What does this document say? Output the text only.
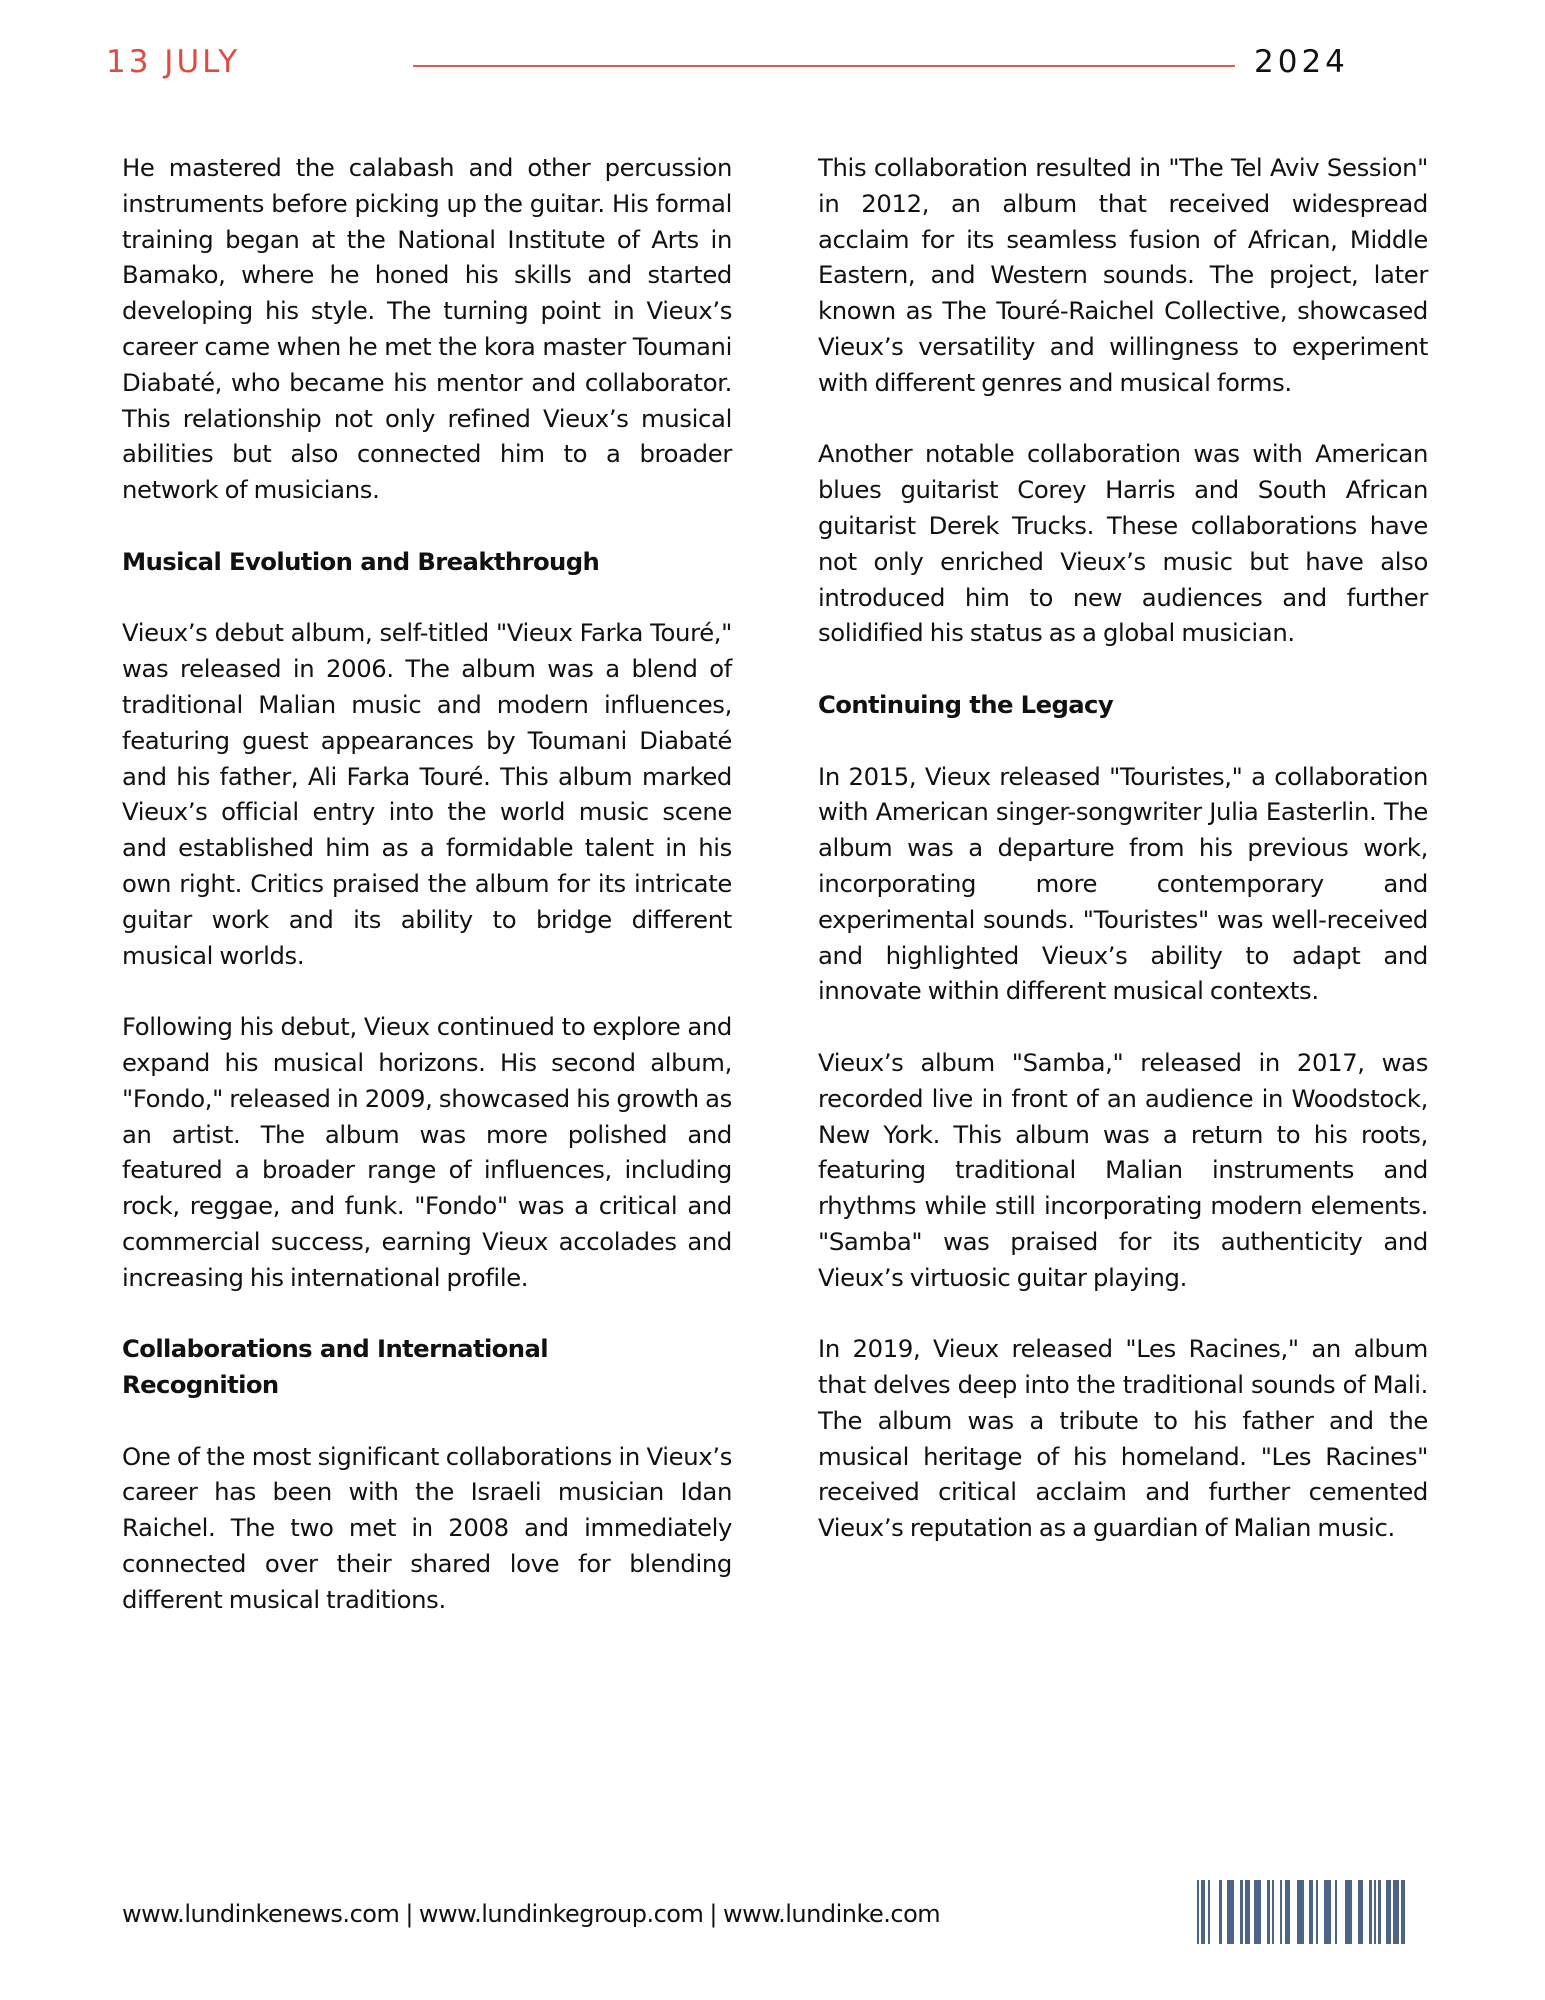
13 JULY	2024

He mastered the calabash and other percussion instruments before picking up the guitar. His formal training began at the National Institute of Arts in Bamako, where he honed his skills and started developing his style. The turning point in Vieux’s career came when he met the kora master Toumani Diabaté, who became his mentor and collaborator. This relationship not only refined Vieux’s musical abilities but also connected him to a broader network of musicians.

Musical Evolution and Breakthrough

Vieux’s debut album, self-titled "Vieux Farka Touré," was released in 2006. The album was a blend of traditional Malian music and modern influences, featuring guest appearances by Toumani Diabaté and his father, Ali Farka Touré. This album marked Vieux’s official entry into the world music scene and established him as a formidable talent in his own right. Critics praised the album for its intricate guitar work and its ability to bridge different musical worlds.

Following his debut, Vieux continued to explore and expand his musical horizons. His second album, "Fondo," released in 2009, showcased his growth as an artist. The album was more polished and featured a broader range of influences, including rock, reggae, and funk. "Fondo" was a critical and commercial success, earning Vieux accolades and increasing his international profile.

Collaborations and International
Recognition

One of the most significant collaborations in Vieux’s career has been with the Israeli musician Idan Raichel. The two met in 2008 and immediately connected over their shared love for blending different musical traditions.

This collaboration resulted in "The Tel Aviv Session" in 2012, an album that received widespread acclaim for its seamless fusion of African, Middle Eastern, and Western sounds. The project, later known as The Touré-Raichel Collective, showcased Vieux’s versatility and willingness to experiment with different genres and musical forms.

Another notable collaboration was with American blues guitarist Corey Harris and South African guitarist Derek Trucks. These collaborations have not only enriched Vieux’s music but have also introduced him to new audiences and further solidified his status as a global musician.

Continuing the Legacy

In 2015, Vieux released "Touristes," a collaboration with American singer-songwriter Julia Easterlin. The album was a departure from his previous work, incorporating more contemporary and experimental sounds. "Touristes" was well-received and highlighted Vieux’s ability to adapt and innovate within different musical contexts.

Vieux’s album "Samba," released in 2017, was recorded live in front of an audience in Woodstock, New York. This album was a return to his roots, featuring traditional Malian instruments and rhythms while still incorporating modern elements. "Samba" was praised for its authenticity and Vieux’s virtuosic guitar playing.

In 2019, Vieux released "Les Racines," an album that delves deep into the traditional sounds of Mali. The album was a tribute to his father and the musical heritage of his homeland. "Les Racines" received critical acclaim and further cemented Vieux’s reputation as a guardian of Malian music.

www.lundinkenews.com | www.lundinkegroup.com | www.lundinke.com
